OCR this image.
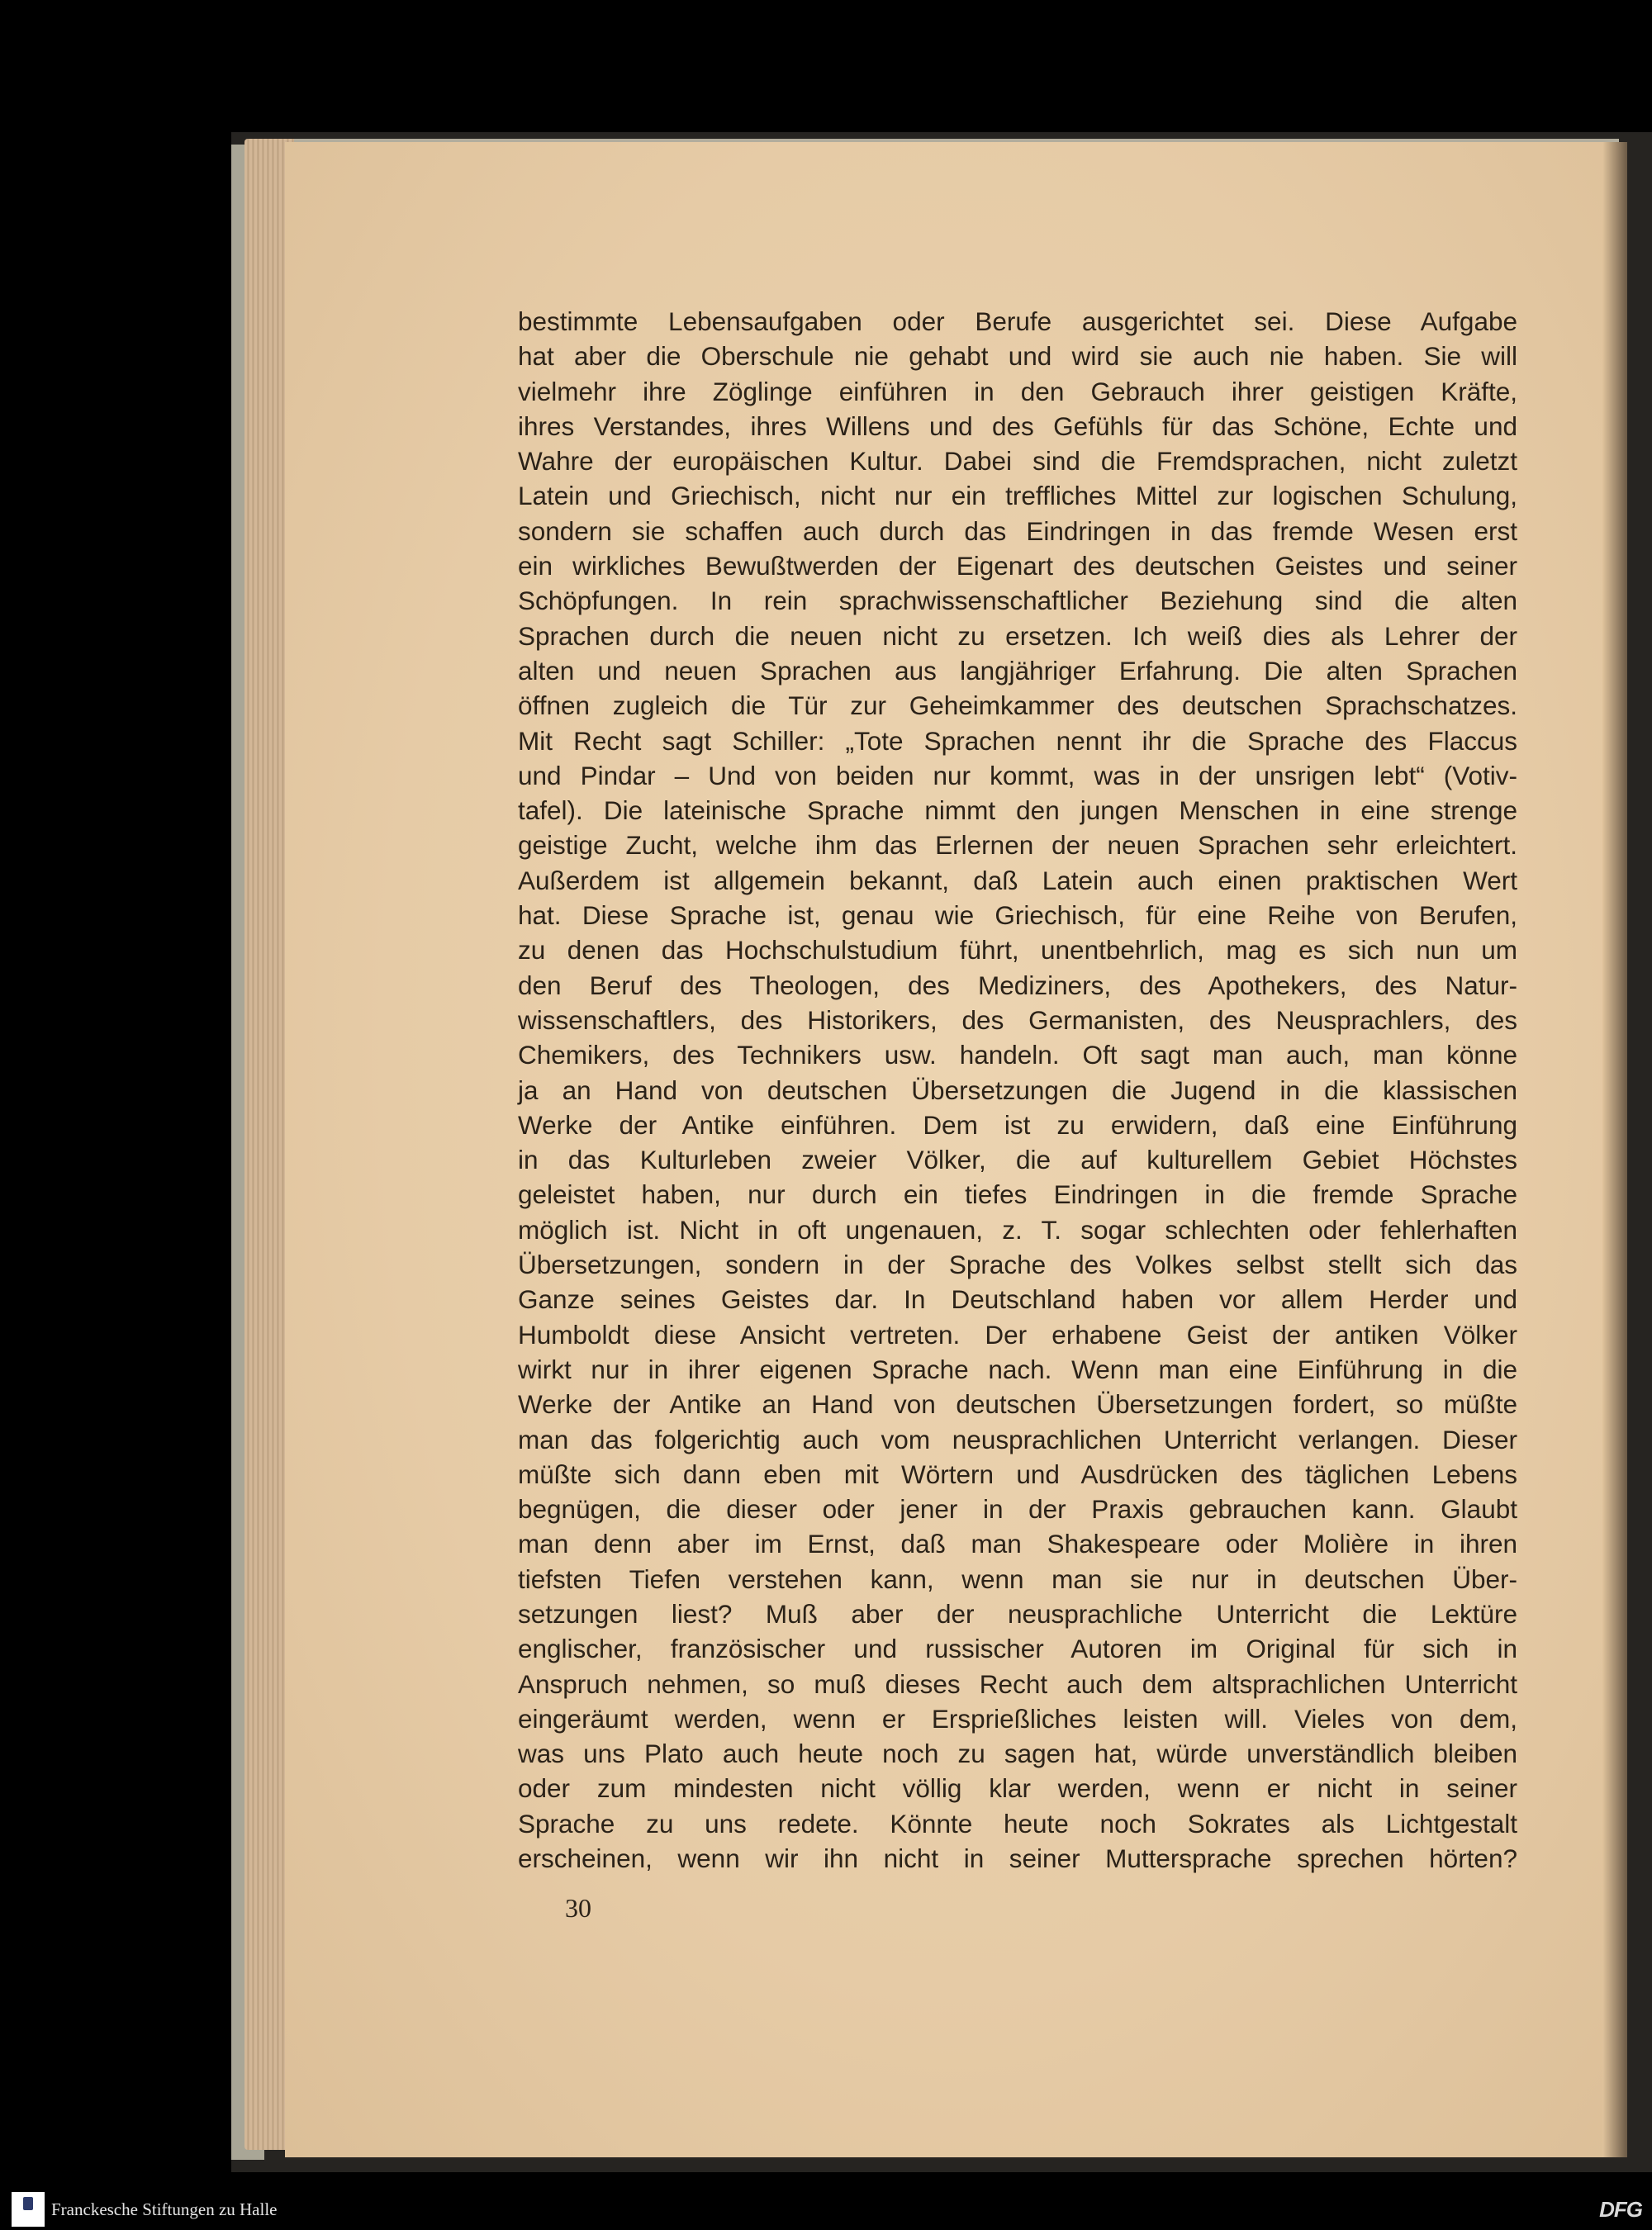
bestimmte Lebensaufgaben oder Berufe ausgerichtet sei. Diese Aufgabe
hat aber die Oberschule nie gehabt und wird sie auch nie haben. Sie will
vielmehr ihre Zöglinge einführen in den Gebrauch ihrer geistigen Kräfte,
ihres Verstandes, ihres Willens und des Gefühls für das Schöne, Echte und
Wahre der europäischen Kultur. Dabei sind die Fremdsprachen, nicht zuletzt
Latein und Griechisch, nicht nur ein treffliches Mittel zur logischen Schulung,
sondern sie schaffen auch durch das Eindringen in das fremde Wesen erst
ein wirkliches Bewußtwerden der Eigenart des deutschen Geistes und seiner
Schöpfungen. In rein sprachwissenschaftlicher Beziehung sind die alten
Sprachen durch die neuen nicht zu ersetzen. Ich weiß dies als Lehrer der
alten und neuen Sprachen aus langjähriger Erfahrung. Die alten Sprachen
öffnen zugleich die Tür zur Geheimkammer des deutschen Sprachschatzes.
Mit Recht sagt Schiller: „Tote Sprachen nennt ihr die Sprache des Flaccus
und Pindar – Und von beiden nur kommt, was in der unsrigen lebt“ (Votiv-
tafel). Die lateinische Sprache nimmt den jungen Menschen in eine strenge
geistige Zucht, welche ihm das Erlernen der neuen Sprachen sehr erleichtert.
Außerdem ist allgemein bekannt, daß Latein auch einen praktischen Wert
hat. Diese Sprache ist, genau wie Griechisch, für eine Reihe von Berufen,
zu denen das Hochschulstudium führt, unentbehrlich, mag es sich nun um
den Beruf des Theologen, des Mediziners, des Apothekers, des Natur-
wissenschaftlers, des Historikers, des Germanisten, des Neusprachlers, des
Chemikers, des Technikers usw. handeln. Oft sagt man auch, man könne
ja an Hand von deutschen Übersetzungen die Jugend in die klassischen
Werke der Antike einführen. Dem ist zu erwidern, daß eine Einführung
in das Kulturleben zweier Völker, die auf kulturellem Gebiet Höchstes
geleistet haben, nur durch ein tiefes Eindringen in die fremde Sprache
möglich ist. Nicht in oft ungenauen, z. T. sogar schlechten oder fehlerhaften
Übersetzungen, sondern in der Sprache des Volkes selbst stellt sich das
Ganze seines Geistes dar. In Deutschland haben vor allem Herder und
Humboldt diese Ansicht vertreten. Der erhabene Geist der antiken Völker
wirkt nur in ihrer eigenen Sprache nach. Wenn man eine Einführung in die
Werke der Antike an Hand von deutschen Übersetzungen fordert, so müßte
man das folgerichtig auch vom neusprachlichen Unterricht verlangen. Dieser
müßte sich dann eben mit Wörtern und Ausdrücken des täglichen Lebens
begnügen, die dieser oder jener in der Praxis gebrauchen kann. Glaubt
man denn aber im Ernst, daß man Shakespeare oder Molière in ihren
tiefsten Tiefen verstehen kann, wenn man sie nur in deutschen Über-
setzungen liest? Muß aber der neusprachliche Unterricht die Lektüre
englischer, französischer und russischer Autoren im Original für sich in
Anspruch nehmen, so muß dieses Recht auch dem altsprachlichen Unterricht
eingeräumt werden, wenn er Ersprießliches leisten will. Vieles von dem,
was uns Plato auch heute noch zu sagen hat, würde unverständlich bleiben
oder zum mindesten nicht völlig klar werden, wenn er nicht in seiner
Sprache zu uns redete. Könnte heute noch Sokrates als Lichtgestalt
erscheinen, wenn wir ihn nicht in seiner Muttersprache sprechen hörten?
30
Franckesche Stiftungen zu Halle	DFG
